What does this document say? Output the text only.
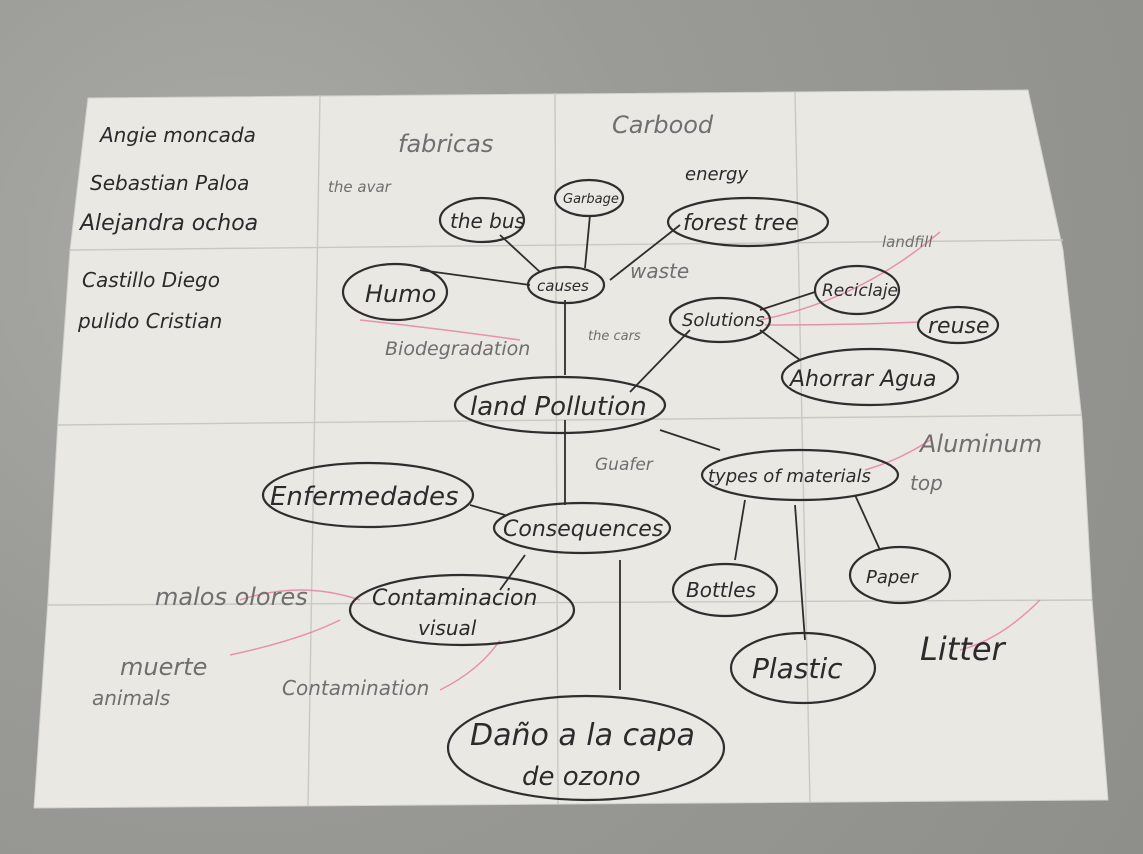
Angie moncada
Sebastian Paloa
Alejandra ochoa
Castillo Diego
pulido Cristian
land Pollution
causes
Garbage
the bus	forest tree
Humo
fabricas
Carbood
energy
the cars
waste
the avar
Biodegradation
landfill
Solutions
Reciclaje
reuse
Ahorrar Agua
types of materials
Aluminum
top
Guafer
Bottles
Paper
Plastic
Litter
Consequences
Enfermedades
malos olores	Contaminacion
visual
muerte
animals	Contamination
Daño a la capa
de ozono
